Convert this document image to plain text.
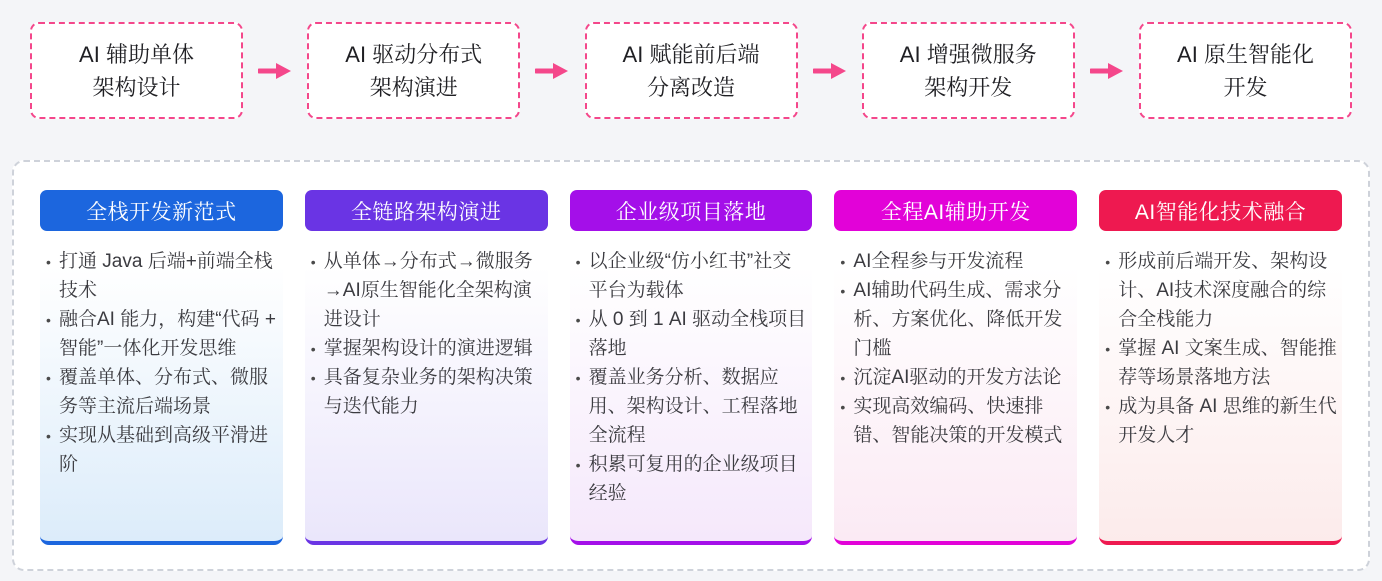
AI 辅助单体
架构设计
AI 驱动分布式
架构演进
AI 赋能前后端
分离改造
AI 增强微服务
架构开发
AI 原生智能化
开发
全栈开发新范式
• 打通 Java 后端+前端全栈技术
• 融合AI 能力，构建“代码 + 智能”一体化开发思维
• 覆盖单体、分布式、微服务等主流后端场景
• 实现从基础到高级平滑进阶
全链路架构演进
• 从单体→分布式→微服务→AI原生智能化全架构演进设计
• 掌握架构设计的演进逻辑
• 具备复杂业务的架构决策与迭代能力
企业级项目落地
• 以企业级“仿小红书”社交平台为载体
• 从 0 到 1 AI 驱动全栈项目落地
• 覆盖业务分析、数据应用、架构设计、工程落地全流程
• 积累可复用的企业级项目经验
全程AI辅助开发
• AI全程参与开发流程
• AI辅助代码生成、需求分析、方案优化、降低开发门槛
• 沉淀AI驱动的开发方法论
• 实现高效编码、快速排错、智能决策的开发模式
AI智能化技术融合
• 形成前后端开发、架构设计、AI技术深度融合的综合全栈能力
• 掌握 AI 文案生成、智能推荐等场景落地方法
• 成为具备 AI 思维的新生代开发人才
